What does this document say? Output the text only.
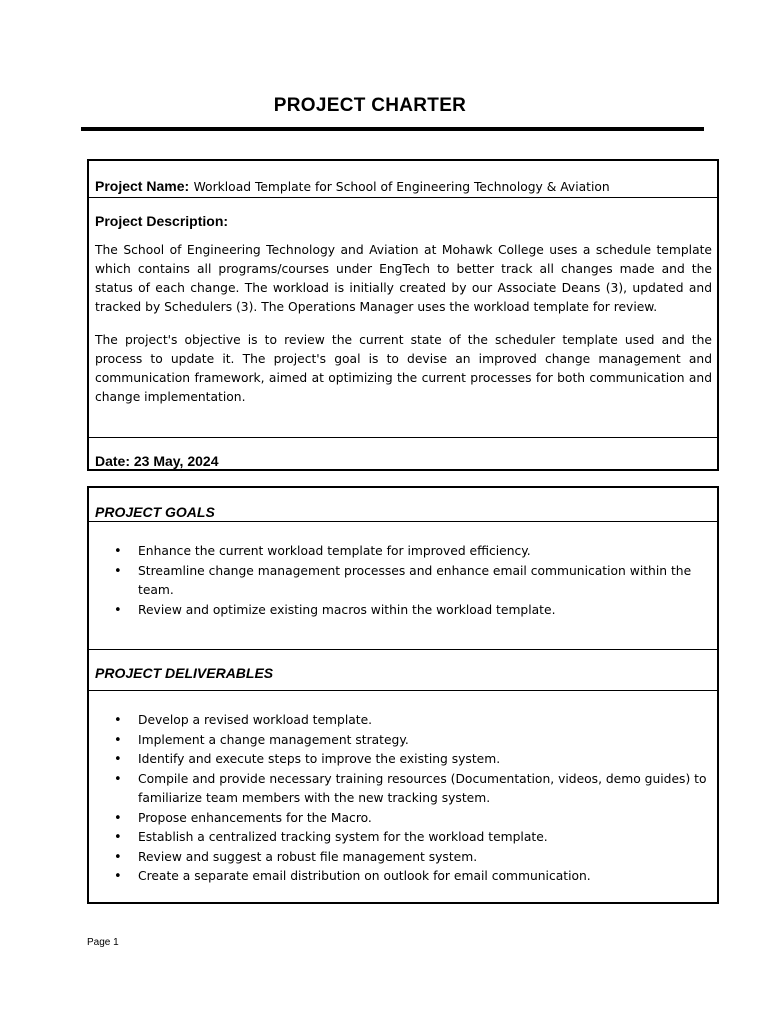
PROJECT CHARTER
Project Name: Workload Template for School of Engineering Technology & Aviation
Project Description:
The School of Engineering Technology and Aviation at Mohawk College uses a schedule template which contains all programs/courses under EngTech to better track all changes made and the status of each change. The workload is initially created by our Associate Deans (3), updated and tracked by Schedulers (3). The Operations Manager uses the workload template for review.
The project's objective is to review the current state of the scheduler template used and the process to update it. The project's goal is to devise an improved change management and communication framework, aimed at optimizing the current processes for both communication and change implementation.
Date: 23 May, 2024
PROJECT GOALS
• Enhance the current workload template for improved efficiency.
• Streamline change management processes and enhance email communication within the team.
• Review and optimize existing macros within the workload template.
PROJECT DELIVERABLES
• Develop a revised workload template.
• Implement a change management strategy.
• Identify and execute steps to improve the existing system.
• Compile and provide necessary training resources (Documentation, videos, demo guides) to familiarize team members with the new tracking system.
• Propose enhancements for the Macro.
• Establish a centralized tracking system for the workload template.
• Review and suggest a robust file management system.
• Create a separate email distribution on outlook for email communication.
Page 1
